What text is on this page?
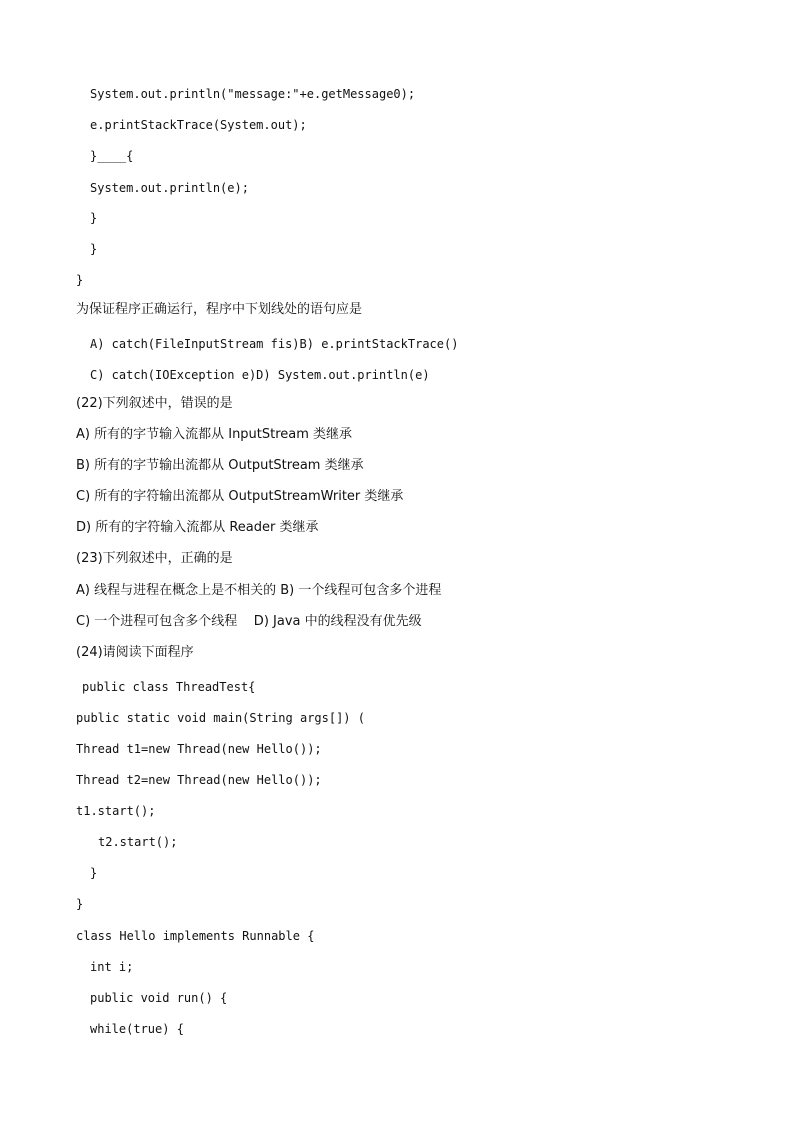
System.out.println("message:"+e.getMessage0);
e.printStackTrace(System.out);
}____{
System.out.println(e);
}
}
}
为保证程序正确运行，程序中下划线处的语句应是
A) catch(FileInputStream fis)B) e.printStackTrace()
C) catch(IOException e)D) System.out.println(e)
(22)下列叙述中，错误的是
A) 所有的字节输入流都从 InputStream 类继承
B) 所有的字节输出流都从 OutputStream 类继承
C) 所有的字符输出流都从 OutputStreamWriter 类继承
D) 所有的字符输入流都从 Reader 类继承
(23)下列叙述中，正确的是
A) 线程与进程在概念上是不相关的 B) 一个线程可包含多个进程
C) 一个进程可包含多个线程    D) Java 中的线程没有优先级
(24)请阅读下面程序
public class ThreadTest{
public static void main(String args[]) (
Thread t1=new Thread(new Hello());
Thread t2=new Thread(new Hello());
t1.start();
t2.start();
}
}
class Hello implements Runnable {
int i;
public void run() {
while(true) {
